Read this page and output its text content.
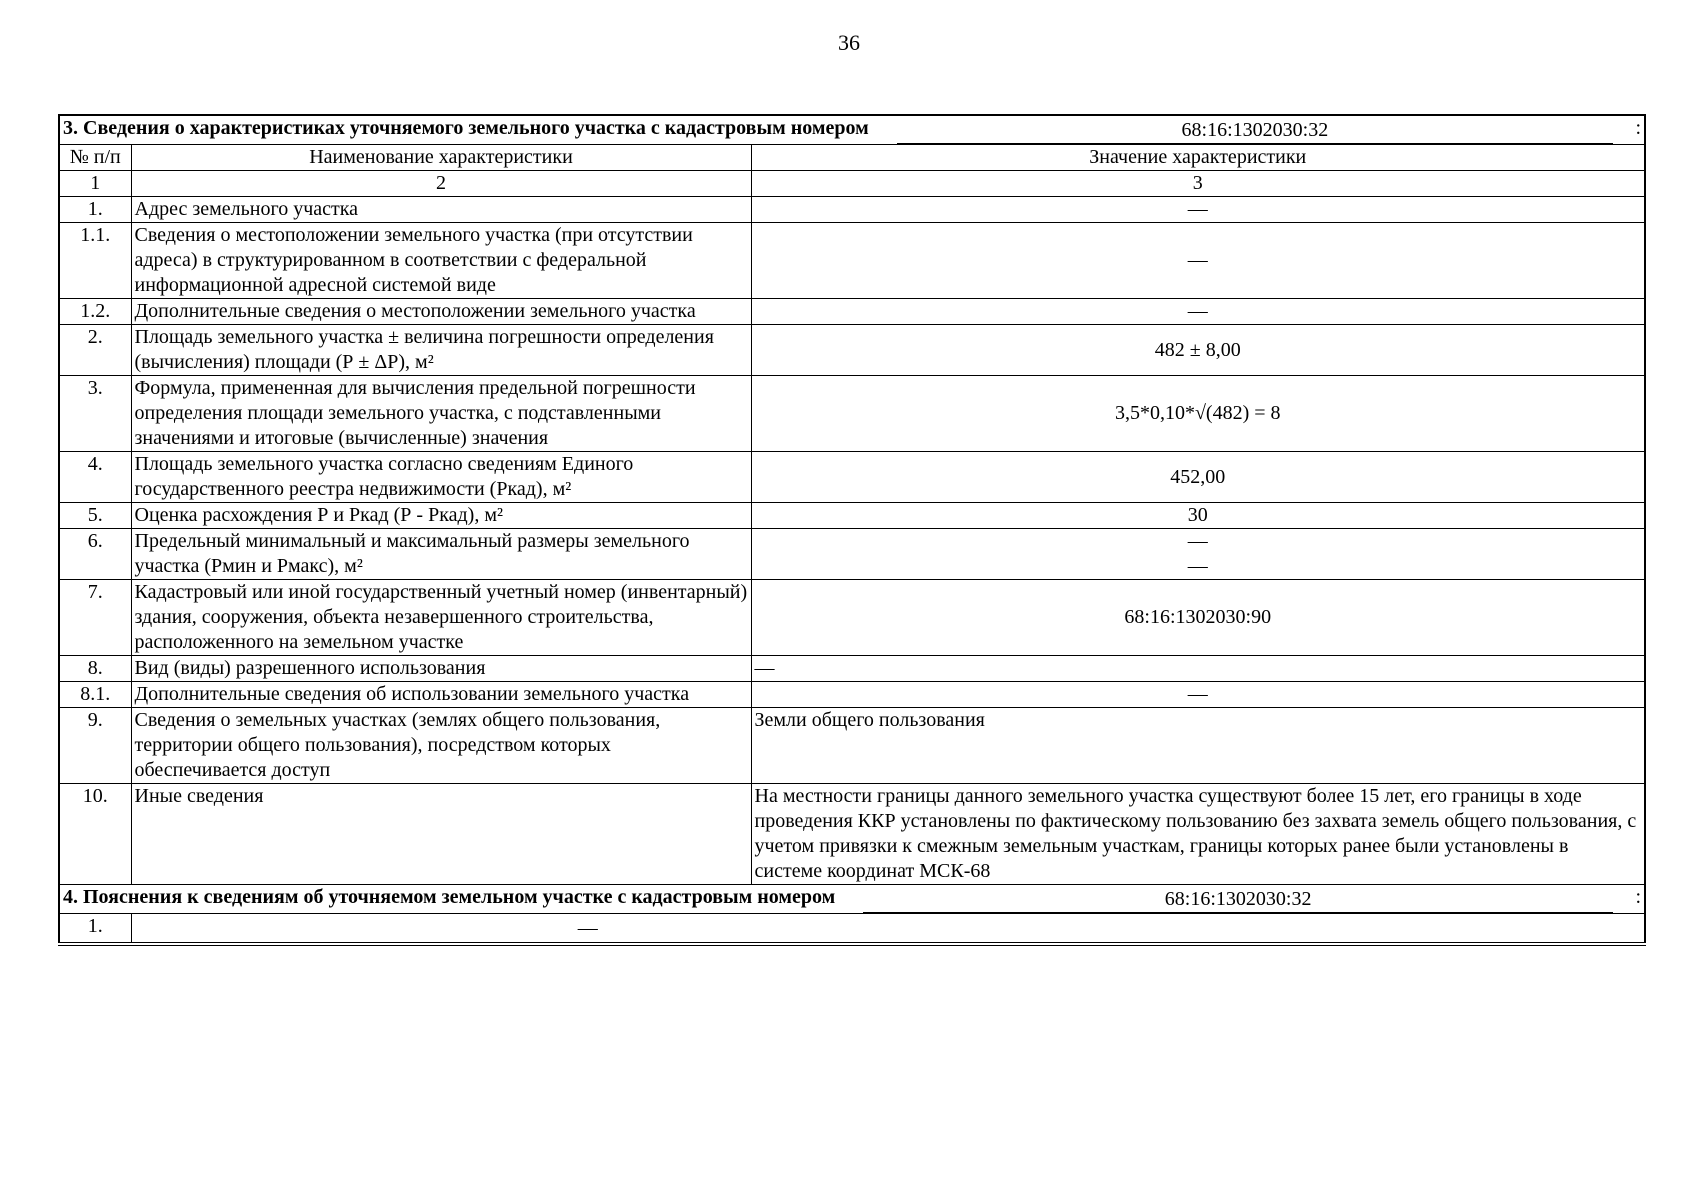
36
3. Сведения о характеристиках уточняемого земельного участка с кадастровым номером 68:16:1302030:32 :		

№ п/п	Наименование характеристики	Значение характеристики
1	2	3
1.	Адрес земельного участка	—
1.1.	Сведения о местоположении земельного участка (при отсутствии адреса) в структурированном в соответствии с федеральной информационной адресной системой виде	—
1.2.	Дополнительные сведения о местоположении земельного участка	—
2.	Площадь земельного участка ± величина погрешности определения (вычисления) площади (Р ± ΔР), м²	482 ± 8,00
3.	Формула, примененная для вычисления предельной погрешности определения площади земельного участка, с подставленными значениями и итоговые (вычисленные) значения	3,5*0,10*√(482) = 8
4.	Площадь земельного участка согласно сведениям Единого государственного реестра недвижимости (Ркад), м²	452,00
5.	Оценка расхождения Р и Ркад (Р - Ркад), м²	30
6.	Предельный минимальный и максимальный размеры земельного участка (Рмин и Рмакс), м²	—
—

7.	Кадастровый или иной государственный учетный номер (инвентарный) здания, сооружения, объекта незавершенного строительства, расположенного на земельном участке	68:16:1302030:90
8.	Вид (виды) разрешенного использования	—
8.1.	Дополнительные сведения об использовании земельного участка	—
9.	Сведения о земельных участках (землях общего пользования, территории общего пользования), посредством которых обеспечивается доступ	Земли общего пользования
10.	Иные сведения	На местности границы данного земельного участка существуют более 15 лет, его границы в ходе проведения ККР установлены по фактическому пользованию без захвата земель общего пользования, с учетом привязки к смежным земельным участкам, границы которых ранее были установлены в системе координат МСК-68

4. Пояснения к сведениям об уточняемом земельном участке с кадастровым номером 68:16:1302030:32 :		

1.	—	
